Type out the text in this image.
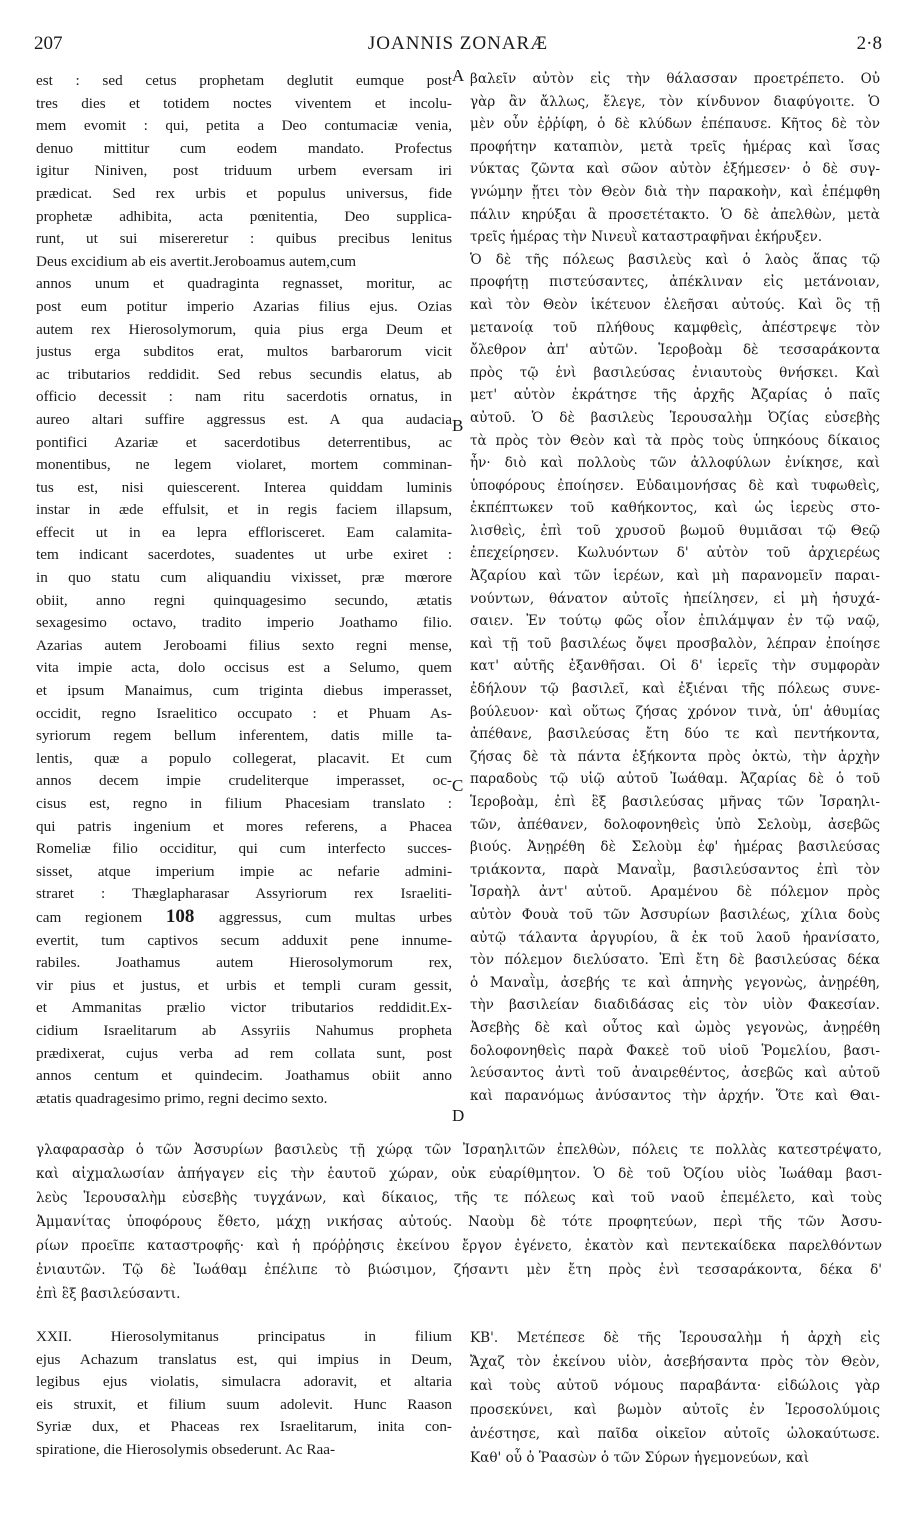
207	JOANNIS ZONARÆ	2·8
A
B
C
D
est : sed cetus prophetam deglutit eumque post
tres dies et totidem noctes viventem et incolu-
mem evomit : qui, petita a Deo contumaciæ venia,
denuo mittitur cum eodem mandato. Profectus
igitur Niniven, post triduum urbem eversam iri
prædicat. Sed rex urbis et populus universus, fide
prophetæ adhibita, acta pœnitentia, Deo supplica-
runt, ut sui misereretur : quibus precibus lenitus
Deus excidium ab eis avertit.Jeroboamus autem,cum
annos unum et quadraginta regnasset, moritur, ac
post eum potitur imperio Azarias filius ejus. Ozias
autem rex Hierosolymorum, quia pius erga Deum et
justus erga subditos erat, multos barbarorum vicit
ac tributarios reddidit. Sed rebus secundis elatus, ab
officio decessit : nam ritu sacerdotis ornatus, in
aureo altari suffire aggressus est. A qua audacia
pontifici Azariæ et sacerdotibus deterrentibus, ac
monentibus, ne legem violaret, mortem comminan-
tus est, nisi quiescerent. Interea quiddam luminis
instar in æde effulsit, et in regis faciem illapsum,
effecit ut in ea lepra efflorisceret. Eam calamita-
tem indicant sacerdotes, suadentes ut urbe exiret :
in quo statu cum aliquandiu vixisset, præ mœrore
obiit, anno regni quinquagesimo secundo, ætatis
sexagesimo octavo, tradito imperio Joathamo filio.
Azarias autem Jeroboami filius sexto regni mense,
vita impie acta, dolo occisus est a Selumo, quem
et ipsum Manaimus, cum triginta diebus imperasset,
occidit, regno Israelitico occupato : et Phuam As-
syriorum regem bellum inferentem, datis mille ta-
lentis, quæ a populo collegerat, placavit. Et cum
annos decem impie crudeliterque imperasset, oc-
cisus est, regno in filium Phacesiam translato :
qui patris ingenium et mores referens, a Phacea
Romeliæ filio occiditur, qui cum interfecto succes-
sisset, atque imperium impie ac nefarie admini-
straret : Thæglapharasar Assyriorum rex Israeliti-
cam regionem 108 aggressus, cum multas urbes
evertit, tum captivos secum adduxit pene innume-
rabiles. Joathamus autem Hierosolymorum rex,
vir pius et justus, et urbis et templi curam gessit,
et Ammanitas prælio victor tributarios reddidit.Ex-
cidium Israelitarum ab Assyriis Nahumus propheta
prædixerat, cujus verba ad rem collata sunt, post
annos centum et quindecim. Joathamus obiit anno
ætatis quadragesimo primo, regni decimo sexto.
βαλεῖν αὐτὸν εἰς τὴν θάλασσαν προετρέπετο. Οὐ
γὰρ ἂν ἄλλως, ἔλεγε, τὸν κίνδυνον διαφύγοιτε. Ὁ
μὲν οὖν ἐῤῥίφη, ὁ δὲ κλύδων ἐπέπαυσε. Κῆτος δὲ τὸν
προφήτην καταπιὸν, μετὰ τρεῖς ἡμέρας καὶ ἴσας
νύκτας ζῶντα καὶ σῶον αὐτὸν ἐξήμεσεν· ὁ δὲ συγ-
γνώμην ᾔτει τὸν Θεὸν διὰ τὴν παρακοὴν, καὶ ἐπέμφθη
πάλιν κηρύξαι ἃ προσετέτακτο. Ὁ δὲ ἀπελθὼν, μετὰ
τρεῖς ἡμέρας τὴν Νινευῒ καταστραφῆναι ἐκήρυξεν.
Ὁ δὲ τῆς πόλεως βασιλεὺς καὶ ὁ λαὸς ἅπας τῷ
προφήτῃ πιστεύσαντες, ἀπέκλιναν εἰς μετάνοιαν,
καὶ τὸν Θεὸν ἱκέτευον ἐλεῆσαι αὐτούς. Καὶ ὃς τῇ
μετανοίᾳ τοῦ πλήθους καμφθεὶς, ἀπέστρεψε τὸν
ὄλεθρον ἀπ' αὐτῶν. Ἱεροβοὰμ δὲ τεσσαράκοντα
πρὸς τῷ ἑνὶ βασιλεύσας ἐνιαυτοὺς θνήσκει. Καὶ
μετ' αὐτὸν ἐκράτησε τῆς ἀρχῆς Ἀζαρίας ὁ παῖς
αὐτοῦ. Ὁ δὲ βασιλεὺς Ἱερουσαλὴμ Ὀζίας εὐσεβὴς
τὰ πρὸς τὸν Θεὸν καὶ τὰ πρὸς τοὺς ὑπηκόους δίκαιος
ἦν· διὸ καὶ πολλοὺς τῶν ἀλλοφύλων ἐνίκησε, καὶ
ὑποφόρους ἐποίησεν. Εὐδαιμονήσας δὲ καὶ τυφωθεὶς,
ἐκπέπτωκεν τοῦ καθήκοντος, καὶ ὡς ἱερεὺς στο-
λισθεὶς, ἐπὶ τοῦ χρυσοῦ βωμοῦ θυμιᾶσαι τῷ Θεῷ
ἐπεχείρησεν. Κωλυόντων δ' αὐτὸν τοῦ ἀρχιερέως
Ἀζαρίου καὶ τῶν ἱερέων, καὶ μὴ παρανομεῖν παραι-
νούντων, θάνατον αὐτοῖς ἠπείλησεν, εἰ μὴ ἡσυχά-
σαιεν. Ἐν τούτῳ φῶς οἷον ἐπιλάμψαν ἐν τῷ ναῷ,
καὶ τῇ τοῦ βασιλέως ὄψει προσβαλὸν, λέπραν ἐποίησε
κατ' αὐτῆς ἐξανθῆσαι. Οἱ δ' ἱερεῖς τὴν συμφορὰν
ἐδήλουν τῷ βασιλεῖ, καὶ ἐξιέναι τῆς πόλεως συνε-
βούλευον· καὶ οὕτως ζήσας χρόνον τινὰ, ὑπ' ἀθυμίας
ἀπέθανε, βασιλεύσας ἔτη δύο τε καὶ πεντήκοντα,
ζήσας δὲ τὰ πάντα ἑξήκοντα πρὸς ὀκτὼ, τὴν ἀρχὴν
παραδοὺς τῷ υἱῷ αὐτοῦ Ἰωάθαμ. Ἀζαρίας δὲ ὁ τοῦ
Ἱεροβοὰμ, ἐπὶ ἓξ βασιλεύσας μῆνας τῶν Ἰσραηλι-
τῶν, ἀπέθανεν, δολοφονηθεὶς ὑπὸ Σελοὺμ, ἀσεβῶς
βιούς. Ἀνῃρέθη δὲ Σελοὺμ ἐφ' ἡμέρας βασιλεύσας
τριάκοντα, παρὰ Μαναῒμ, βασιλεύσαντος ἐπὶ τὸν
Ἰσραὴλ ἀντ' αὐτοῦ. Αραμένου δὲ πόλεμον πρὸς
αὐτὸν Φουὰ τοῦ τῶν Ἀσσυρίων βασιλέως, χίλια δοὺς
αὐτῷ τάλαντα ἀργυρίου, ἃ ἐκ τοῦ λαοῦ ἠρανίσατο,
τὸν πόλεμον διελύσατο. Ἐπὶ ἔτη δὲ βασιλεύσας δέκα
ὁ Μαναῒμ, ἀσεβής τε καὶ ἀπηνὴς γεγονὼς, ἀνῃρέθη,
τὴν βασιλείαν διαδιδάσας εἰς τὸν υἱὸν Φακεσίαν.
Ἀσεβὴς δὲ καὶ οὗτος καὶ ὠμὸς γεγονὼς, ἀνῃρέθη
δολοφονηθεὶς παρὰ Φακεὲ τοῦ υἱοῦ Ῥομελίου, βασι-
λεύσαντος ἀντὶ τοῦ ἀναιρεθέντος, ἀσεβῶς καὶ αὐτοῦ
καὶ παρανόμως ἀνύσαντος τὴν ἀρχήν. Ὅτε καὶ Θαι-
γλαφαρασὰρ ὁ τῶν Ἀσσυρίων βασιλεὺς τῇ χώρᾳ τῶν Ἰσραηλιτῶν ἐπελθὼν, πόλεις τε πολλὰς κατεστρέψατο,
καὶ αἰχμαλωσίαν ἀπήγαγεν εἰς τὴν ἑαυτοῦ χώραν, οὐκ εὐαρίθμητον. Ὁ δὲ τοῦ Ὀζίου υἱὸς Ἰωάθαμ βασι-
λεὺς Ἱερουσαλὴμ εὐσεβὴς τυγχάνων, καὶ δίκαιος, τῆς τε πόλεως καὶ τοῦ ναοῦ ἐπεμέλετο, καὶ τοὺς
Ἀμμανίτας ὑποφόρους ἔθετο, μάχῃ νικήσας αὐτούς. Ναοὺμ δὲ τότε προφητεύων, περὶ τῆς τῶν Ἀσσυ-
ρίων προεῖπε καταστροφῆς· καὶ ἡ πρόῤῥησις ἐκείνου ἔργον ἐγένετο, ἑκατὸν καὶ πεντεκαίδεκα παρελθόντων
ἐνιαυτῶν. Τῷ δὲ Ἰωάθαμ ἐπέλιπε τὸ βιώσιμον, ζήσαντι μὲν ἔτη πρὸς ἑνὶ τεσσαράκοντα, δέκα δ'
ἐπὶ ἓξ βασιλεύσαντι.
XXII. Hierosolymitanus principatus in filium
ejus Achazum translatus est, qui impius in Deum,
legibus ejus violatis, simulacra adoravit, et altaria
eis struxit, et filium suum adolevit. Hunc Raason
Syriæ dux, et Phaceas rex Israelitarum, inita con-
spiratione, die Hierosolymis obsederunt. Ac Raa-
ΚΒ'. Μετέπεσε δὲ τῆς Ἱερουσαλὴμ ἡ ἀρχὴ εἰς
Ἄχαζ τὸν ἐκείνου υἱὸν, ἀσεβήσαντα πρὸς τὸν Θεὸν,
καὶ τοὺς αὐτοῦ νόμους παραβάντα· εἰδώλοις γὰρ
προσεκύνει, καὶ βωμὸν αὐτοῖς ἐν Ἱεροσολύμοις
ἀνέστησε, καὶ παῖδα οἰκεῖον αὐτοῖς ὡλοκαύτωσε.
Καθ' οὗ ὁ Ῥαασὼν ὁ τῶν Σύρων ἡγεμονεύων, καὶ
